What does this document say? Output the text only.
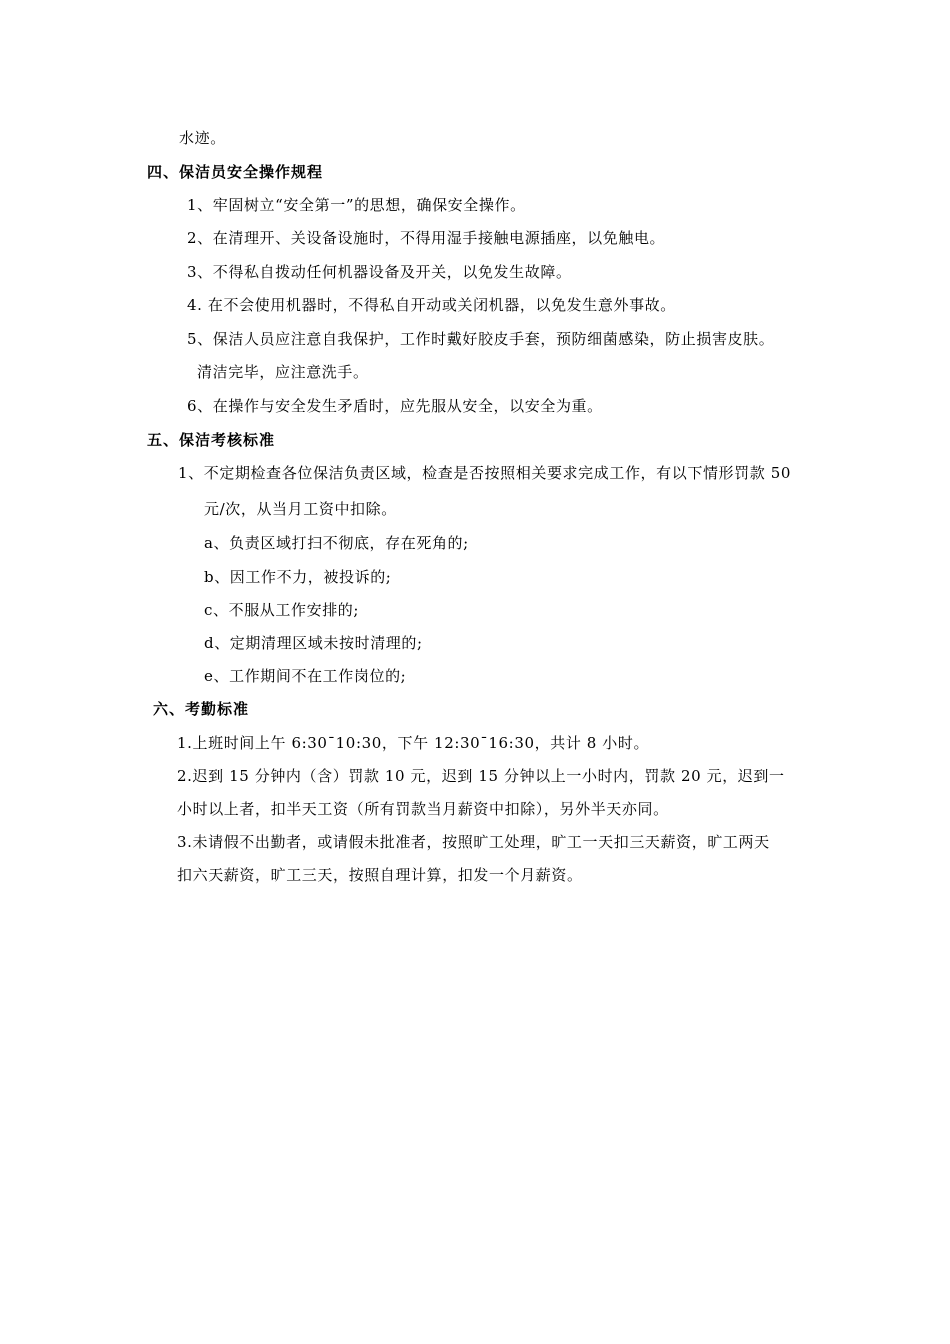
水迹。
四、保洁员安全操作规程
1、牢固树立“安全第一”的思想，确保安全操作。
2、在清理开、关设备设施时，不得用湿手接触电源插座，以免触电。
3、不得私自拨动任何机器设备及开关，以免发生故障。
4. 在不会使用机器时，不得私自开动或关闭机器，以免发生意外事故。
5、保洁人员应注意自我保护，工作时戴好胶皮手套，预防细菌感染，防止损害皮肤。
清洁完毕，应注意洗手。
6、在操作与安全发生矛盾时，应先服从安全，以安全为重。
五、保洁考核标准
1、不定期检查各位保洁负责区域，检查是否按照相关要求完成工作，有以下情形罚款 50
元/次，从当月工资中扣除。
a、负责区域打扫不彻底，存在死角的;
b、因工作不力，被投诉的;
c、不服从工作安排的;
d、定期清理区域未按时清理的;
e、工作期间不在工作岗位的;
六、考勤标准
1.上班时间上午 6:30¯10:30，下午 12:30¯16:30，共计 8 小时。
2.迟到 15 分钟内（含）罚款 10 元，迟到 15 分钟以上一小时内，罚款 20 元，迟到一
小时以上者，扣半天工资（所有罚款当月薪资中扣除），另外半天亦同。
3.未请假不出勤者，或请假未批准者，按照旷工处理，旷工一天扣三天薪资，旷工两天
扣六天薪资，旷工三天，按照自理计算，扣发一个月薪资。
